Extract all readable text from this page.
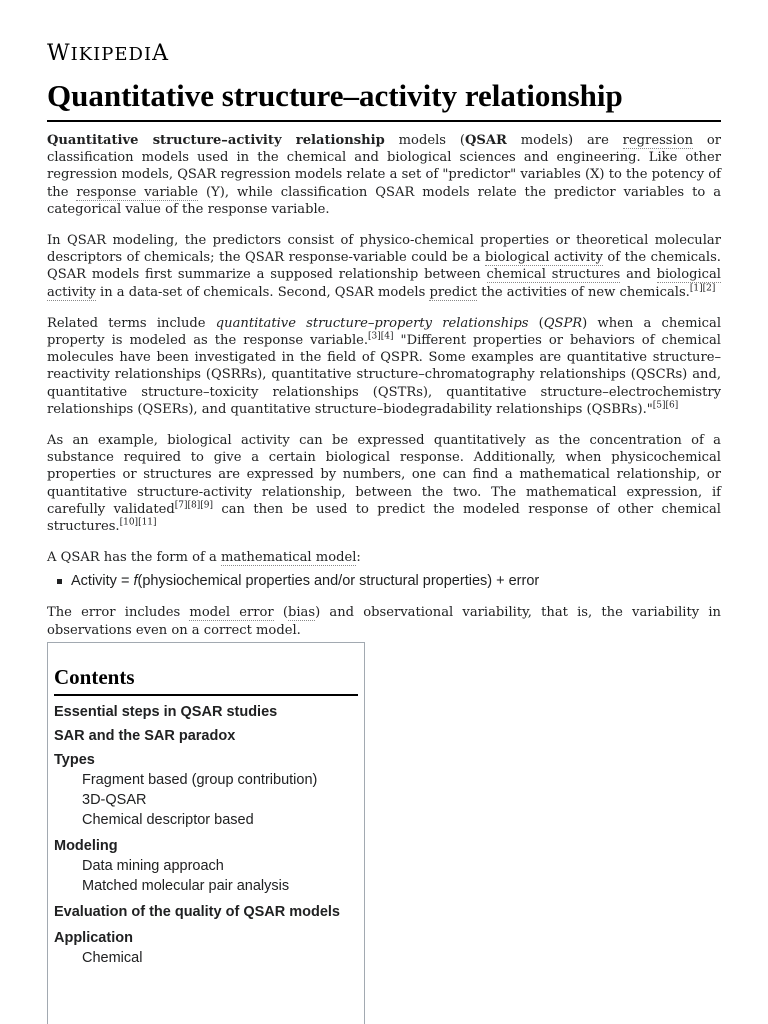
WIKIPEDIA
Quantitative structure–activity relationship

Quantitative structure–activity relationship models (QSAR models) are regression or classification models used in the chemical and biological sciences and engineering. Like other regression models, QSAR regression models relate a set of "predictor" variables (X) to the potency of the response variable (Y), while classification QSAR models relate the predictor variables to a categorical value of the response variable.

In QSAR modeling, the predictors consist of physico-chemical properties or theoretical molecular descriptors of chemicals; the QSAR response-variable could be a biological activity of the chemicals. QSAR models first summarize a supposed relationship between chemical structures and biological activity in a data-set of chemicals. Second, QSAR models predict the activities of new chemicals.[1][2]

Related terms include quantitative structure–property relationships (QSPR) when a chemical property is modeled as the response variable.[3][4] "Different properties or behaviors of chemical molecules have been investigated in the field of QSPR. Some examples are quantitative structure–reactivity relationships (QSRRs), quantitative structure–chromatography relationships (QSCRs) and, quantitative structure–toxicity relationships (QSTRs), quantitative structure–electrochemistry relationships (QSERs), and quantitative structure–biodegradability relationships (QSBRs)."[5][6]

As an example, biological activity can be expressed quantitatively as the concentration of a substance required to give a certain biological response. Additionally, when physicochemical properties or structures are expressed by numbers, one can find a mathematical relationship, or quantitative structure-activity relationship, between the two. The mathematical expression, if carefully validated[7][8][9] can then be used to predict the modeled response of other chemical structures.[10][11]

A QSAR has the form of a mathematical model:

Activity = f(physiochemical properties and/or structural properties) + error

The error includes model error (bias) and observational variability, that is, the variability in observations even on a correct model.

Contents
Essential steps in QSAR studies
SAR and the SAR paradox
Types
Fragment based (group contribution)
3D-QSAR
Chemical descriptor based
Modeling
Data mining approach
Matched molecular pair analysis
Evaluation of the quality of QSAR models
Application
Chemical
